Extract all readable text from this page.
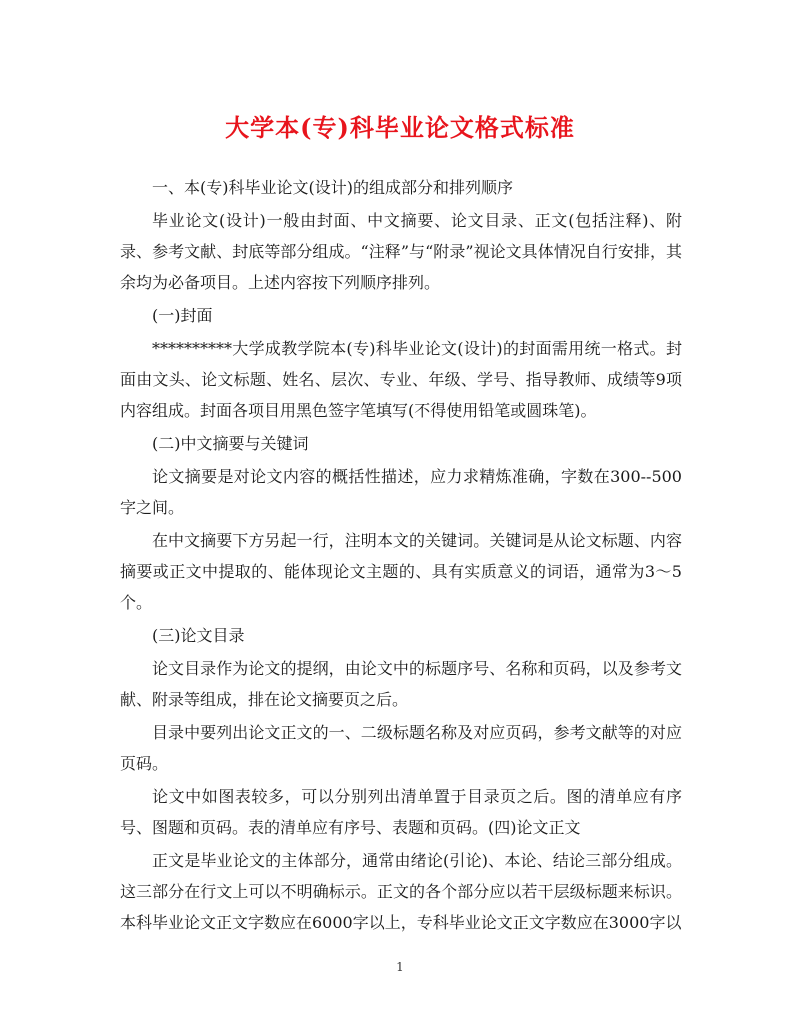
大学本(专)科毕业论文格式标准

一、本(专)科毕业论文(设计)的组成部分和排列顺序

毕业论文(设计)一般由封面、中文摘要、论文目录、正文(包括注释)、附录、参考文献、封底等部分组成。“注释”与“附录”视论文具体情况自行安排，其余均为必备项目。上述内容按下列顺序排列。

(一)封面

**********大学成教学院本(专)科毕业论文(设计)的封面需用统一格式。封面由文头、论文标题、姓名、层次、专业、年级、学号、指导教师、成绩等9项内容组成。封面各项目用黑色签字笔填写(不得使用铅笔或圆珠笔)。

(二)中文摘要与关键词

论文摘要是对论文内容的概括性描述，应力求精炼准确，字数在300--500字之间。

在中文摘要下方另起一行，注明本文的关键词。关键词是从论文标题、内容摘要或正文中提取的、能体现论文主题的、具有实质意义的词语，通常为3～5个。

(三)论文目录

论文目录作为论文的提纲，由论文中的标题序号、名称和页码，以及参考文献、附录等组成，排在论文摘要页之后。

目录中要列出论文正文的一、二级标题名称及对应页码，参考文献等的对应页码。

论文中如图表较多，可以分别列出清单置于目录页之后。图的清单应有序号、图题和页码。表的清单应有序号、表题和页码。(四)论文正文

正文是毕业论文的主体部分，通常由绪论(引论)、本论、结论三部分组成。这三部分在行文上可以不明确标示。正文的各个部分应以若干层级标题来标识。本科毕业论文正文字数应在6000字以上，专科毕业论文正文字数应在3000字以

1
